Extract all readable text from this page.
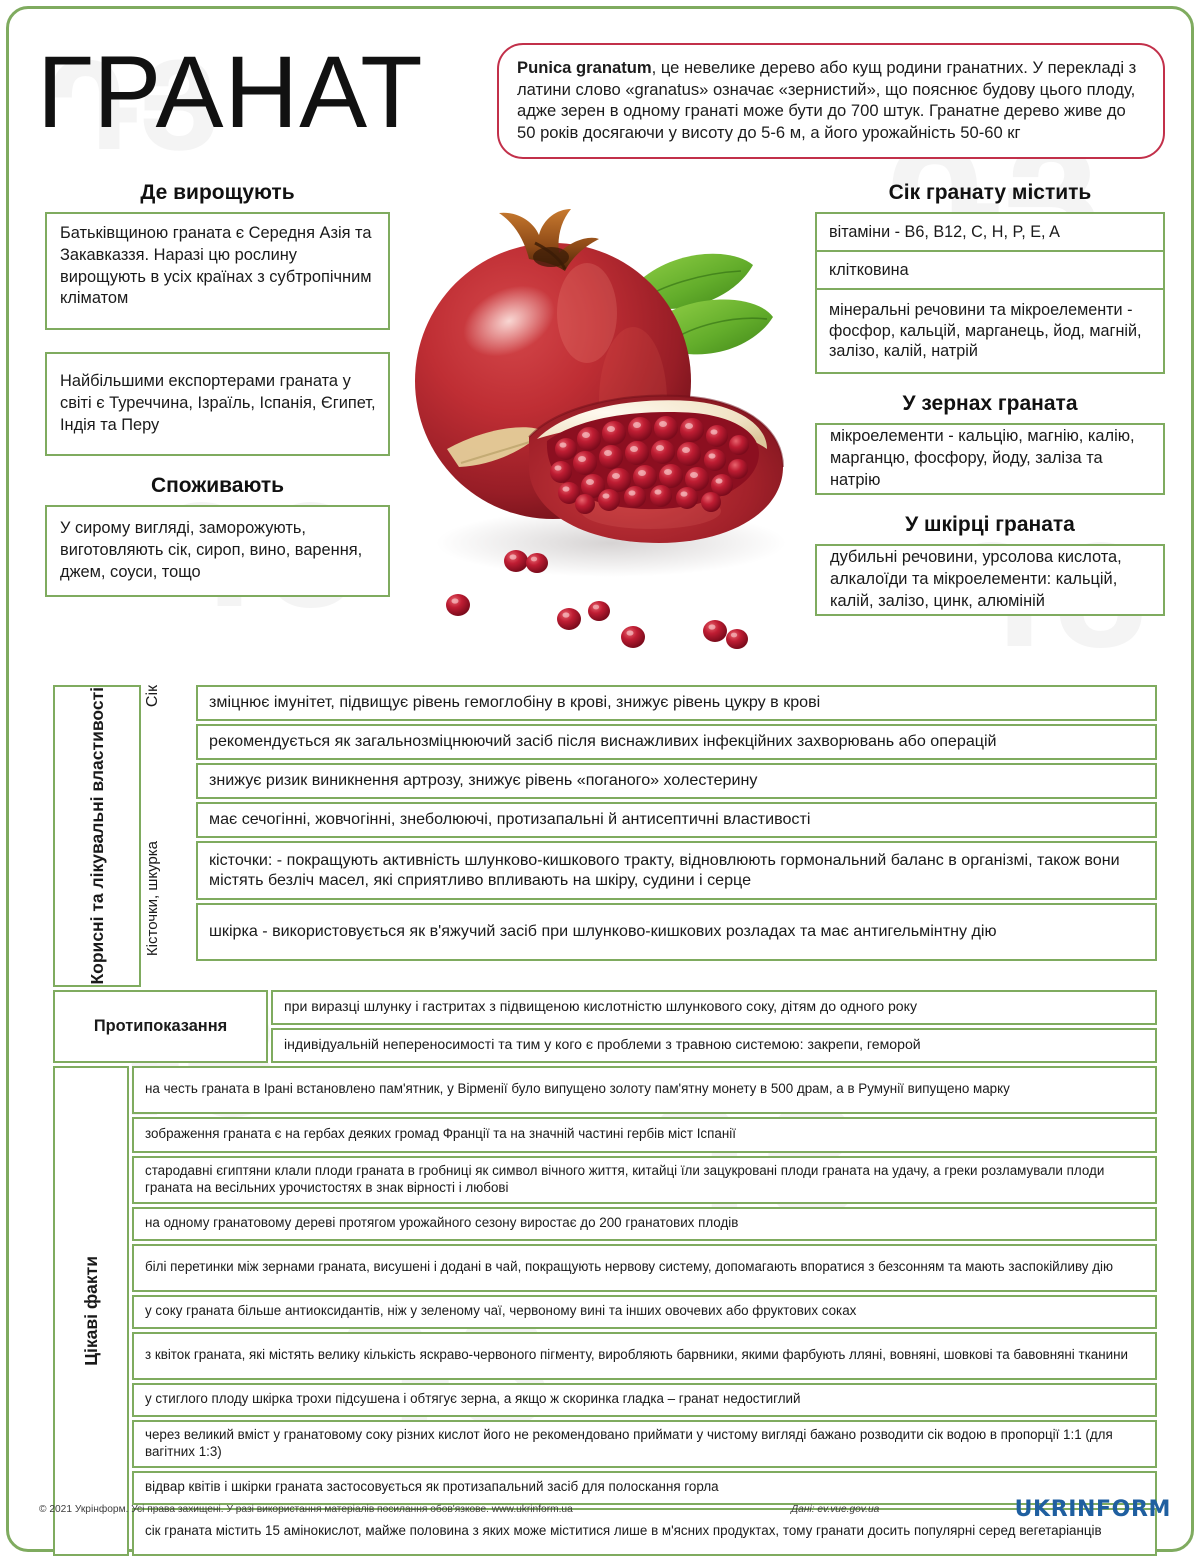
ГРАНАТ	Punica granatum, це невелике дерево або кущ родини гранатних. У перекладі з латини слово «granatus» означає «зернистий», що пояснює будову цього плоду, адже зерен в одному гранаті може бути до 700 штук. Гранатне дерево живе до 50 років досягаючи у висоту до 5-6 м, а його урожайність 50-60 кг

Де вирощують

Батьківщиною граната є Середня Азія та Закавказзя. Наразі цю рослину вирощують в усіх країнах з субтропічним кліматом

Найбільшими експортерами граната у світі є Туреччина, Ізраїль, Іспанія, Єгипет, Індія та Перу

Споживають

У сирому вигляді, заморожують, виготовляють сік, сироп, вино, варення, джем, соуси, тощо

Сік гранату містить
вітаміни - B6, B12, C, H, P, E, A
клітковина
мінеральні речовини та мікроелементи - фосфор, кальцій, марганець, йод, магній, залізо, калій, натрій
У зернах граната

мікроелементи - кальцію, магнію, калію, марганцю, фосфору, йоду, заліза та натрію

У шкірці граната

дубильні речовини, урсолова кислота, алкалоїди та мікроелементи: кальцій, калій, залізо, цинк, алюміній

Корисні та лікувальні властивості Сік	зміцнює імунітет, підвищує рівень гемоглобіну в крові, знижує рівень цукру в крові
рекомендується як загальнозміцнюючий засіб після виснажливих інфекційних захворювань або операцій
знижує ризик виникнення артрозу, знижує рівень «поганого» холестерину
має сечогінні, жовчогінні, знеболюючі, протизапальні й антисептичні властивості
Кісточки, шкурка	кісточки: - покращують активність шлунково-кишкового тракту, відновлюють гормональний баланс в організмі, також вони містять безліч масел, які сприятливо впливають на шкіру, судини і серце
шкірка - використовується як в'яжучий засіб при шлунково-кишкових розладах та має антигельмінтну дію
Протипоказання
при виразці шлунку і гастритах з підвищеною кислотністю шлункового соку, дітям до одного року
індивідуальній непереносимості та тим у кого є проблеми з травною системою: закрепи, геморой
Цікаві факти
на честь граната в Ірані встановлено пам'ятник, у Вірменії було випущено золоту пам'ятну монету в 500 драм, а в Румунії випущено марку
зображення граната є на гербах деяких громад Франції та на значній частині гербів міст Іспанії
стародавні єгиптяни клали плоди граната в гробниці як символ вічного життя, китайці їли зацукровані плоди граната на удачу, а греки розламували плоди граната на весільних урочистостях в знак вірності і любові
на одному гранатовому дереві протягом урожайного сезону виростає до 200 гранатових плодів
білі перетинки між зернами граната, висушені і додані в чай, покращують нервову систему, допомагають впоратися з безсонням та мають заспокійливу дію
у соку граната більше антиоксидантів, ніж у зеленому чаї, червоному вині та інших овочевих або фруктових соках
з квіток граната, які містять велику кількість яскраво-червоного пігменту, виробляють барвники, якими фарбують лляні, вовняні, шовкові та бавовняні тканини
у стиглого плоду шкірка трохи підсушена і обтягує зерна, а якщо ж скоринка гладка – гранат недостиглий
через великий вміст у гранатовому соку різних кислот його не рекомендовано приймати у чистому вигляді бажано розводити сік водою в пропорції 1:1 (для вагітних 1:3)
відвар квітів і шкірки граната застосовується як протизапальний засіб для полоскання горла
сік граната містить 15 амінокислот, майже половина з яких може міститися лише в м'ясних продуктах, тому гранати досить популярні серед вегетаріанців
© 2021 Укрінформ. Усі права захищені. У разі використання матеріалів посилання обов'язкове. www.ukrinform.ua	Дані: ev.vue.gov.ua	UKRINFORM
